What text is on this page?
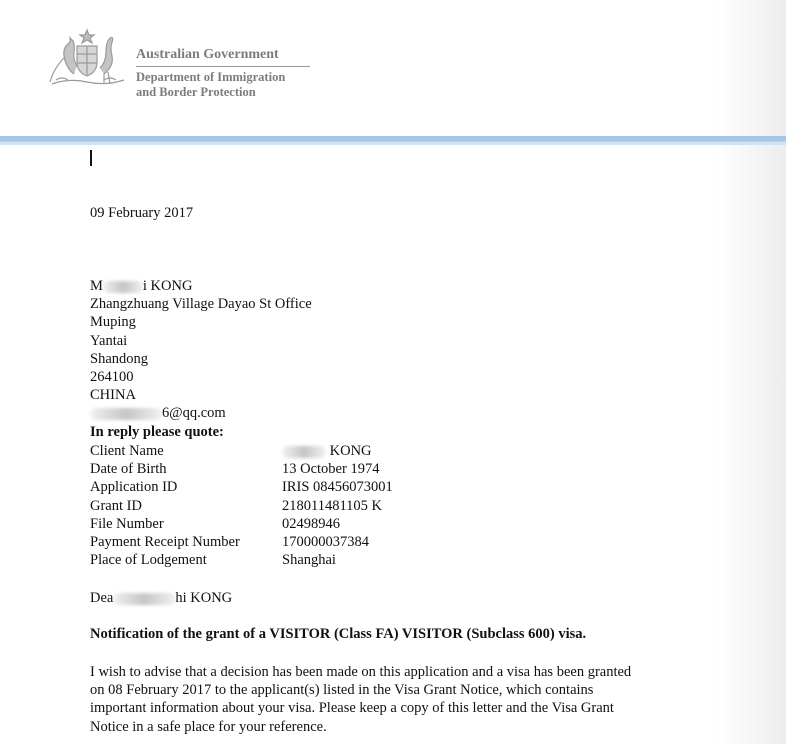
Australian Government
Department of Immigration
and Border Protection
09 February 2017
M	i KONG
Zhangzhuang Village Dayao St Office
Muping
Yantai
Shandong
264100
CHINA
6@qq.com
In reply please quote:
Client Name	KONG
Date of Birth	13 October 1974
Application ID	IRIS 08456073001
Grant ID	218011481105 K
File Number	02498946
Payment Receipt Number	170000037384
Place of Lodgement	Shanghai
Dea	hi KONG
Notification of the grant of a VISITOR (Class FA) VISITOR (Subclass 600) visa.
I wish to advise that a decision has been made on this application and a visa has been granted
on 08 February 2017 to the applicant(s) listed in the Visa Grant Notice, which contains
important information about your visa. Please keep a copy of this letter and the Visa Grant
Notice in a safe place for your reference.
